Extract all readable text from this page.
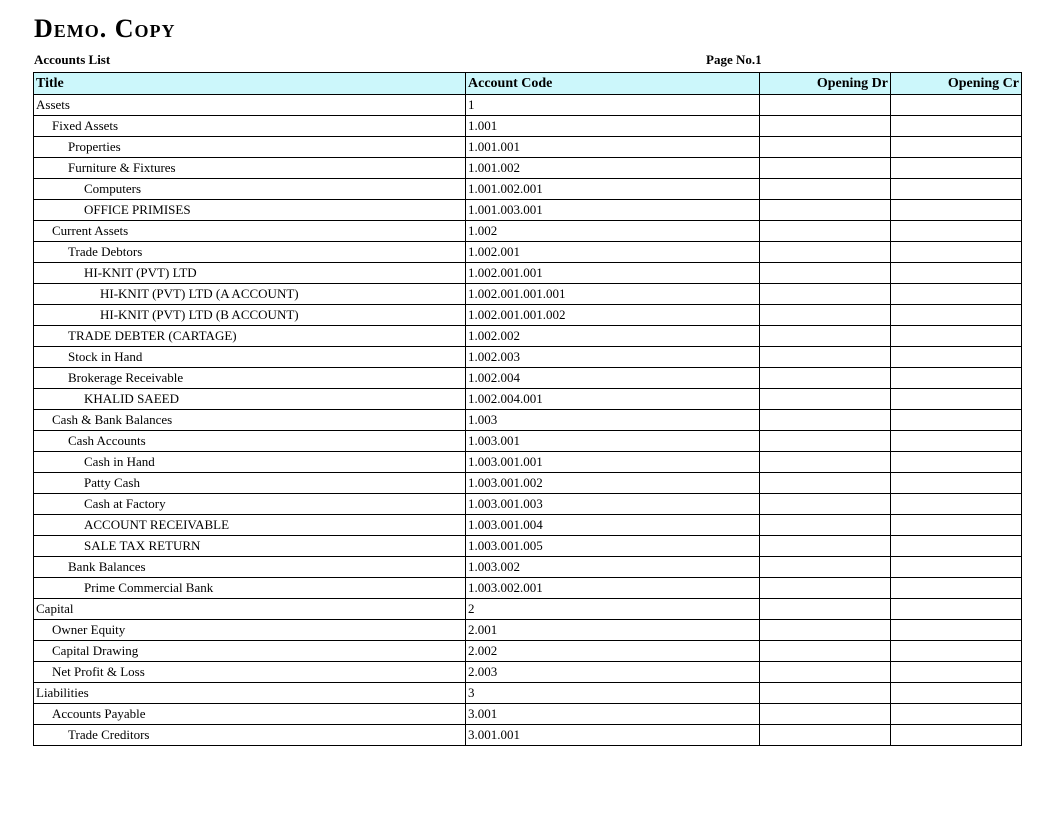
Demo. Copy
Accounts List	Page No.1
Title	Account Code	Opening Dr	Opening Cr
Assets	1		
Fixed Assets	1.001		
Properties	1.001.001		
Furniture & Fixtures	1.001.002		
Computers	1.001.002.001		
OFFICE PRIMISES	1.001.003.001		
Current Assets	1.002		
Trade Debtors	1.002.001		
HI-KNIT (PVT) LTD	1.002.001.001		
HI-KNIT (PVT) LTD (A ACCOUNT)	1.002.001.001.001		
HI-KNIT (PVT) LTD (B ACCOUNT)	1.002.001.001.002		
TRADE DEBTER (CARTAGE)	1.002.002		
Stock in Hand	1.002.003		
Brokerage Receivable	1.002.004		
KHALID SAEED	1.002.004.001		
Cash & Bank Balances	1.003		
Cash Accounts	1.003.001		
Cash in Hand	1.003.001.001		
Patty Cash	1.003.001.002		
Cash at Factory	1.003.001.003		
ACCOUNT RECEIVABLE	1.003.001.004		
SALE TAX RETURN	1.003.001.005		
Bank Balances	1.003.002		
Prime Commercial Bank	1.003.002.001		
Capital	2		
Owner Equity	2.001		
Capital Drawing	2.002		
Net Profit & Loss	2.003		
Liabilities	3		
Accounts Payable	3.001		
Trade Creditors	3.001.001		
